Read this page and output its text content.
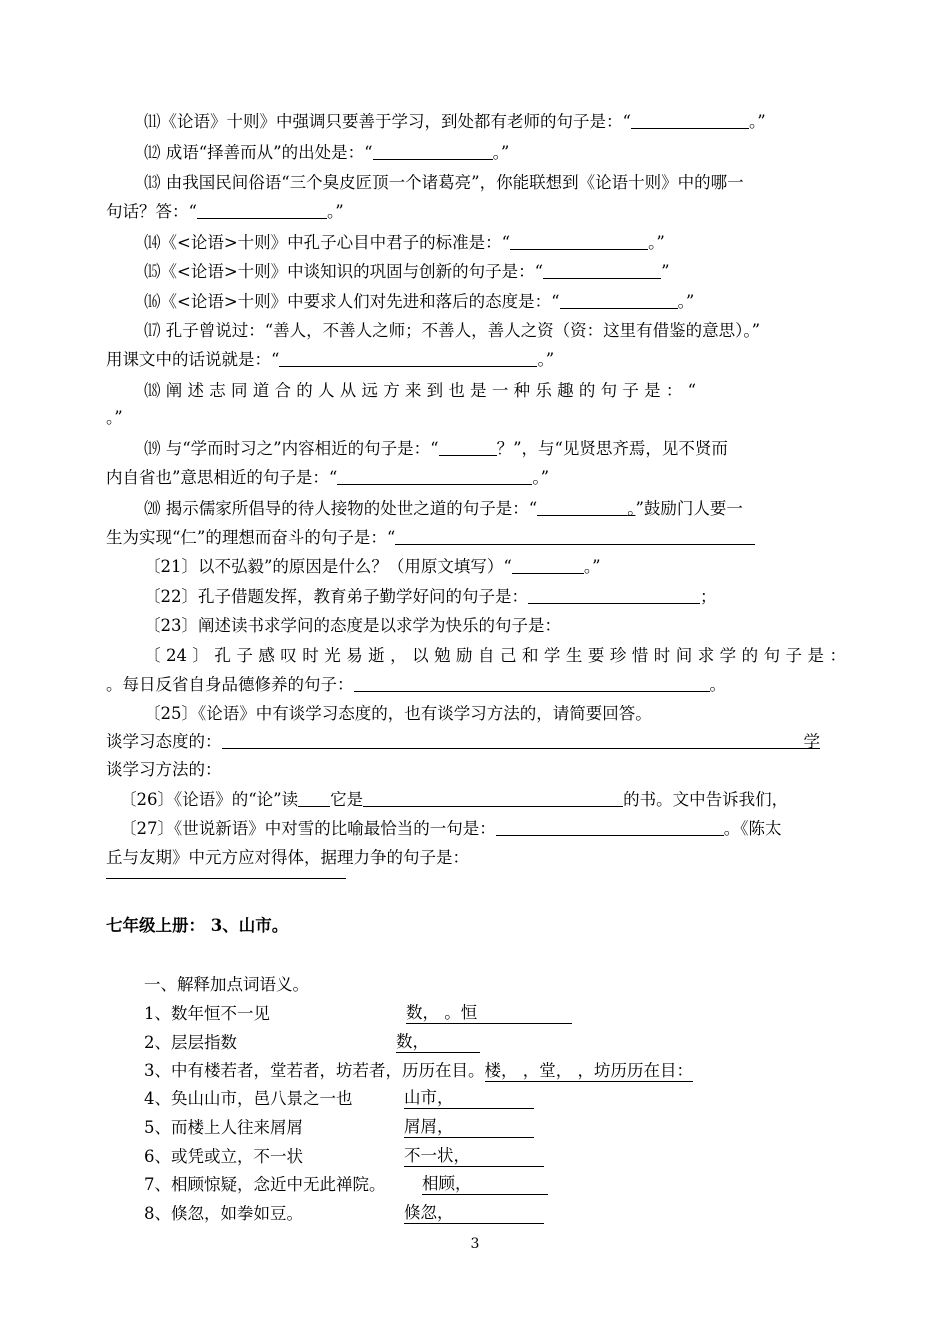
⑾《论语》十则》中强调只要善于学习，到处都有老师的句子是：“	。”
⑿ 成语“择善而从”的出处是：“	。”
⒀ 由我国民间俗语“三个臭皮匠顶一个诸葛亮”，你能联想到《论语十则》中的哪一
句话？答：“	。”
⒁《<论语>十则》中孔子心目中君子的标准是：“	。”
⒂《<论语>十则》中谈知识的巩固与创新的句子是：“	”
⒃《<论语>十则》中要求人们对先进和落后的态度是：“	。”
⒄ 孔子曾说过：“善人，不善人之师；不善人，善人之资（资：这里有借鉴的意思）。”
用课文中的话说就是：“	。”
⒅ 阐 述 志 同 道 合 的 人 从 远 方 来 到 也 是 一 种 乐 趣 的 句 子 是 ： “
。”
⒆ 与“学而时习之”内容相近的句子是：“	？”，与“见贤思齐焉，见不贤而
内自省也”意思相近的句子是：“	。”
⒇ 揭示儒家所倡导的待人接物的处世之道的句子是：“	。”鼓励门人要一
生为实现“仁”的理想而奋斗的句子是：“
〔21〕以不弘毅”的原因是什么？（用原文填写）“	。”
〔22〕孔子借题发挥，教育弟子勤学好问的句子是：	；
〔23〕阐述读书求学问的态度是以求学为快乐的句子是：
〔24〕孔子感叹时光易逝，以勉励自己和学生要珍惜时间求学的句子是：
。每日反省自身品德修养的句子：	。
〔25〕《论语》中有谈学习态度的，也有谈学习方法的，请简要回答。
谈学习态度的：	学
谈学习方法的：
〔26〕《论语》的“论”读 它是	的书。文中告诉我们，
〔27〕《世说新语》中对雪的比喻最恰当的一句是：	。《陈太
丘与友期》中元方应对得体，据理力争的句子是：
七年级上册： 3、山市。
一、解释加点词语义。
1、数年恒不一见	数， 。恒
2、层层指数	数，
3、中有楼若者，堂若者，坊若者，历历在目。楼， ，堂， ，坊历历在目：
4、奂山山市，邑八景之一也	山市，
5、而楼上人往来屑屑	屑屑，
6、或凭或立，不一状	不一状，
7、相顾惊疑，念近中无此禅院。 相顾，
8、倏忽，如拳如豆。	倏忽，
3
